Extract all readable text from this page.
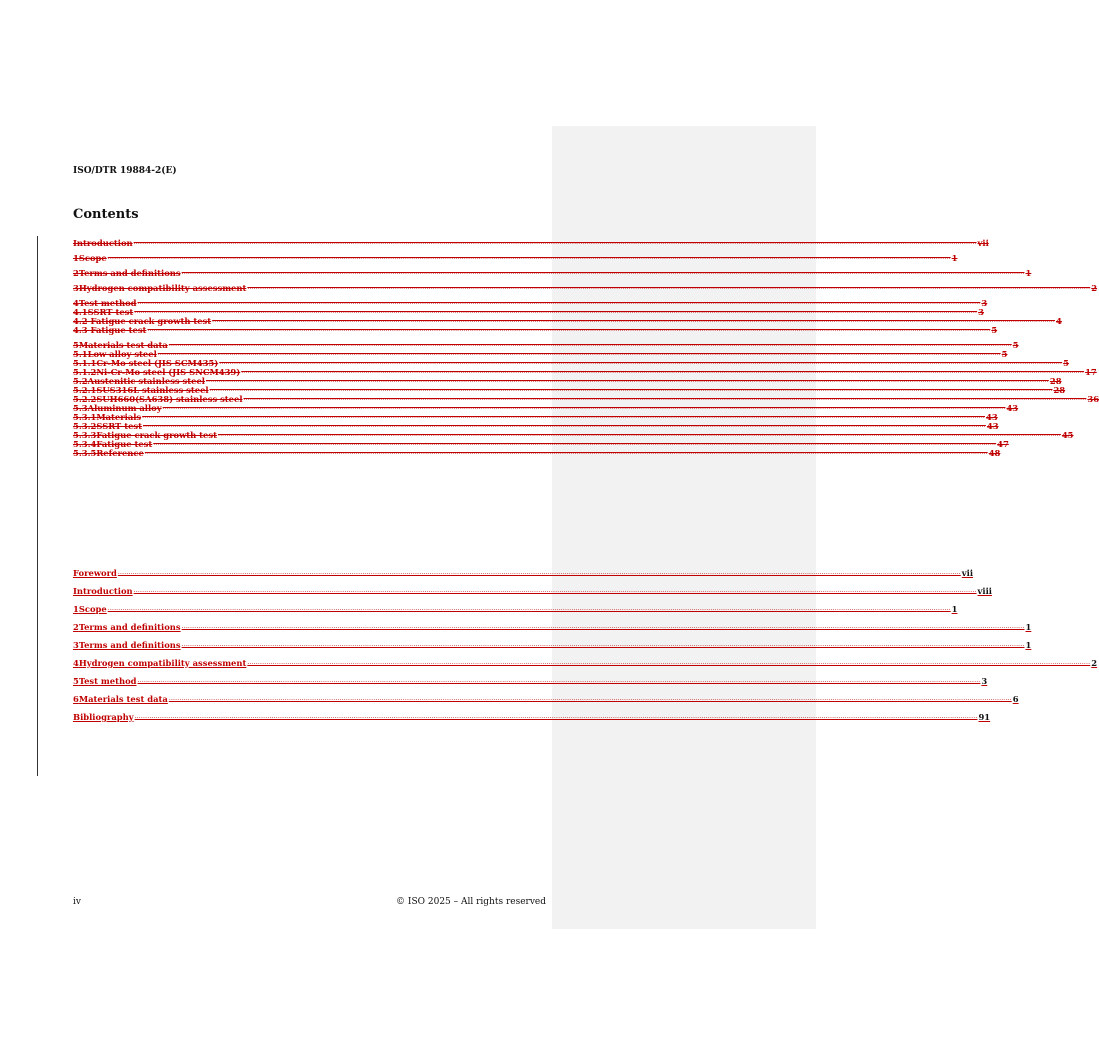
ISO/DTR 19884-2(E)
Contents
Introduction ................................................................................................................................................................................................................................................................................................................................................................................................................ vii
1 Scope ................................................................................................................................................................................................................................................................................................................................................................................................................ 1
2 Terms and definitions ................................................................................................................................................................................................................................................................................................................................................................................................................ 1
3 Hydrogen compatibility assessment ................................................................................................................................................................................................................................................................................................................................................................................................................ 2
4 Test method ................................................................................................................................................................................................................................................................................................................................................................................................................ 3
4.1 SSRT test ................................................................................................................................................................................................................................................................................................................................................................................................................ 3
4.2 Fatigue crack growth test ................................................................................................................................................................................................................................................................................................................................................................................................................ 4
4.3 Fatigue test ................................................................................................................................................................................................................................................................................................................................................................................................................ 5
5 Materials test data ................................................................................................................................................................................................................................................................................................................................................................................................................ 5
5.1 Low alloy steel ................................................................................................................................................................................................................................................................................................................................................................................................................ 5
5.1.1 Cr-Mo steel (JIS SCM435) ................................................................................................................................................................................................................................................................................................................................................................................................................ 5
5.1.2 Ni-Cr-Mo steel (JIS SNCM439) ................................................................................................................................................................................................................................................................................................................................................................................................................ 17
5.2 Austenitic stainless steel ................................................................................................................................................................................................................................................................................................................................................................................................................ 28
5.2.1 SUS316L stainless steel ................................................................................................................................................................................................................................................................................................................................................................................................................ 28
5.2.2 SUH660(SA638) stainless steel ................................................................................................................................................................................................................................................................................................................................................................................................................ 36
5.3 Aluminum alloy ................................................................................................................................................................................................................................................................................................................................................................................................................ 43
5.3.1 Materials ................................................................................................................................................................................................................................................................................................................................................................................................................ 43
5.3.2 SSRT test ................................................................................................................................................................................................................................................................................................................................................................................................................ 43
5.3.3 Fatigue crack growth test ................................................................................................................................................................................................................................................................................................................................................................................................................ 45
5.3.4 Fatigue test ................................................................................................................................................................................................................................................................................................................................................................................................................ 47
5.3.5 Reference ................................................................................................................................................................................................................................................................................................................................................................................................................ 48
Foreword ................................................................................................................................................................................................................................................................................................................................................................................................................ vii
Introduction ................................................................................................................................................................................................................................................................................................................................................................................................................ viii
1 Scope ................................................................................................................................................................................................................................................................................................................................................................................................................ 1
2 Terms and definitions ................................................................................................................................................................................................................................................................................................................................................................................................................ 1
3 Terms and definitions ................................................................................................................................................................................................................................................................................................................................................................................................................ 1
4 Hydrogen compatibility assessment ................................................................................................................................................................................................................................................................................................................................................................................................................ 2
5 Test method ................................................................................................................................................................................................................................................................................................................................................................................................................ 3
6 Materials test data ................................................................................................................................................................................................................................................................................................................................................................................................................ 6
Bibliography ................................................................................................................................................................................................................................................................................................................................................................................................................ 91
iv	© ISO 2025 – All rights reserved
